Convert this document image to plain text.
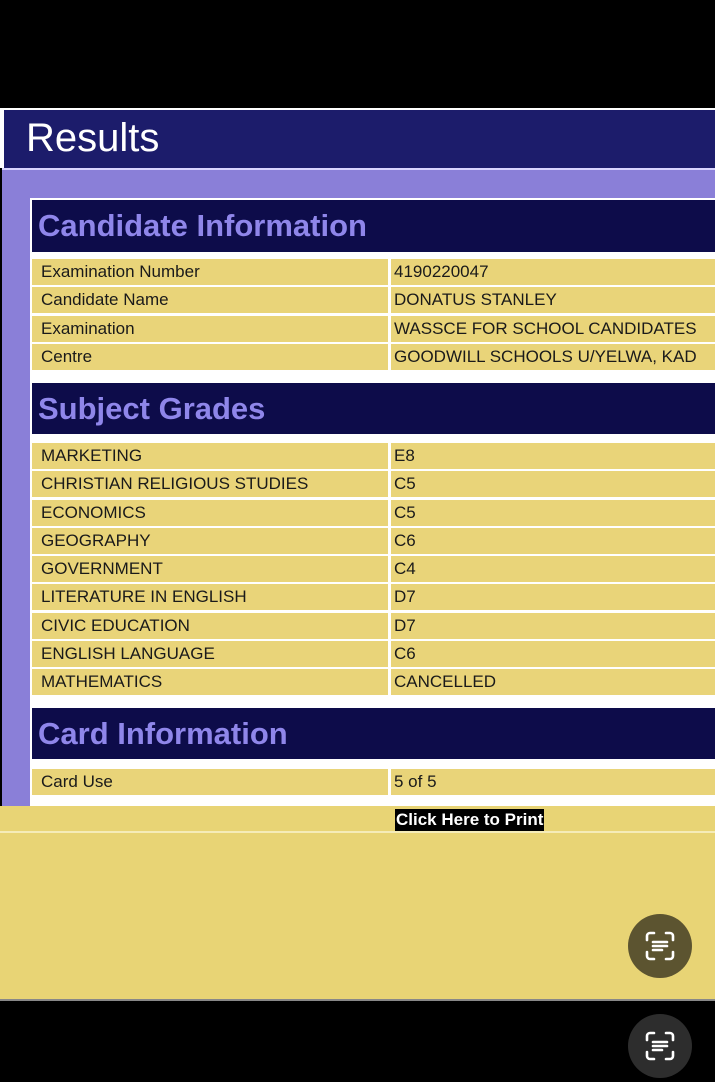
Results
Candidate Information
Examination Number	4190220047
Candidate Name	DONATUS STANLEY
Examination	WASSCE FOR SCHOOL CANDIDATES
Centre	GOODWILL SCHOOLS U/YELWA, KAD
Subject Grades
MARKETING	E8
CHRISTIAN RELIGIOUS STUDIES	C5
ECONOMICS	C5
GEOGRAPHY	C6
GOVERNMENT	C4
LITERATURE IN ENGLISH	D7
CIVIC EDUCATION	D7
ENGLISH LANGUAGE	C6
MATHEMATICS	CANCELLED
Card Information
Card Use	5 of 5
Click Here to Print
